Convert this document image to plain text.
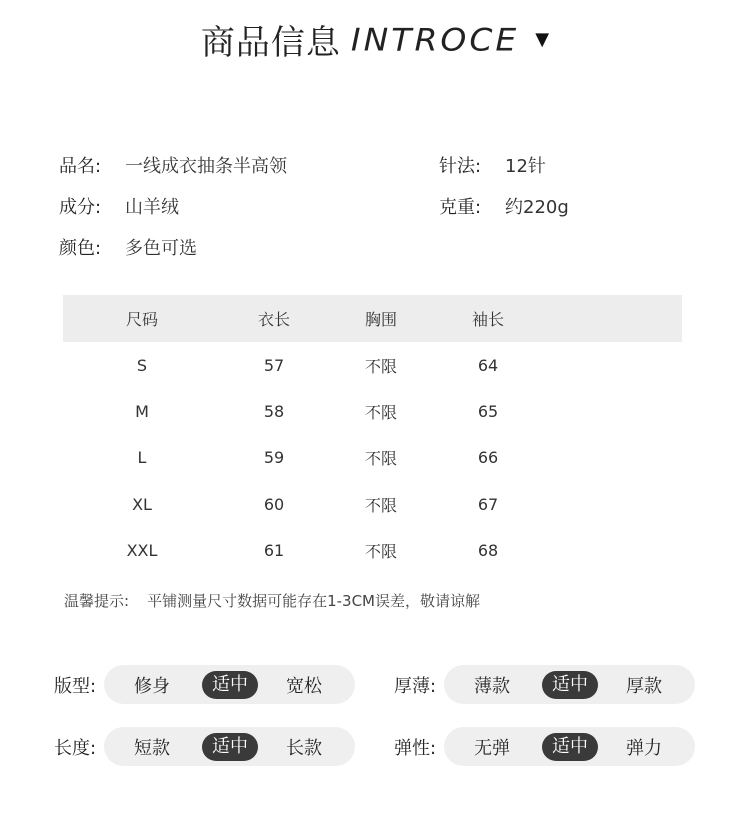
商品信息 INTROCE ▼
品名:	一线成衣抽条半高领	针法:	12针
成分:	山羊绒	克重:	约220g
颜色:	多色可选
尺码	衣长	胸围	袖长
S	57	不限	64
M	58	不限	65
L	59	不限	66
XL	60	不限	67
XXL	61	不限	68
温馨提示: 平铺测量尺寸数据可能存在1-3CM误差，敬请谅解
版型:	修身	适中	宽松	厚薄:	薄款	适中	厚款
长度:	短款	适中	长款	弹性:	无弹	适中	弹力
